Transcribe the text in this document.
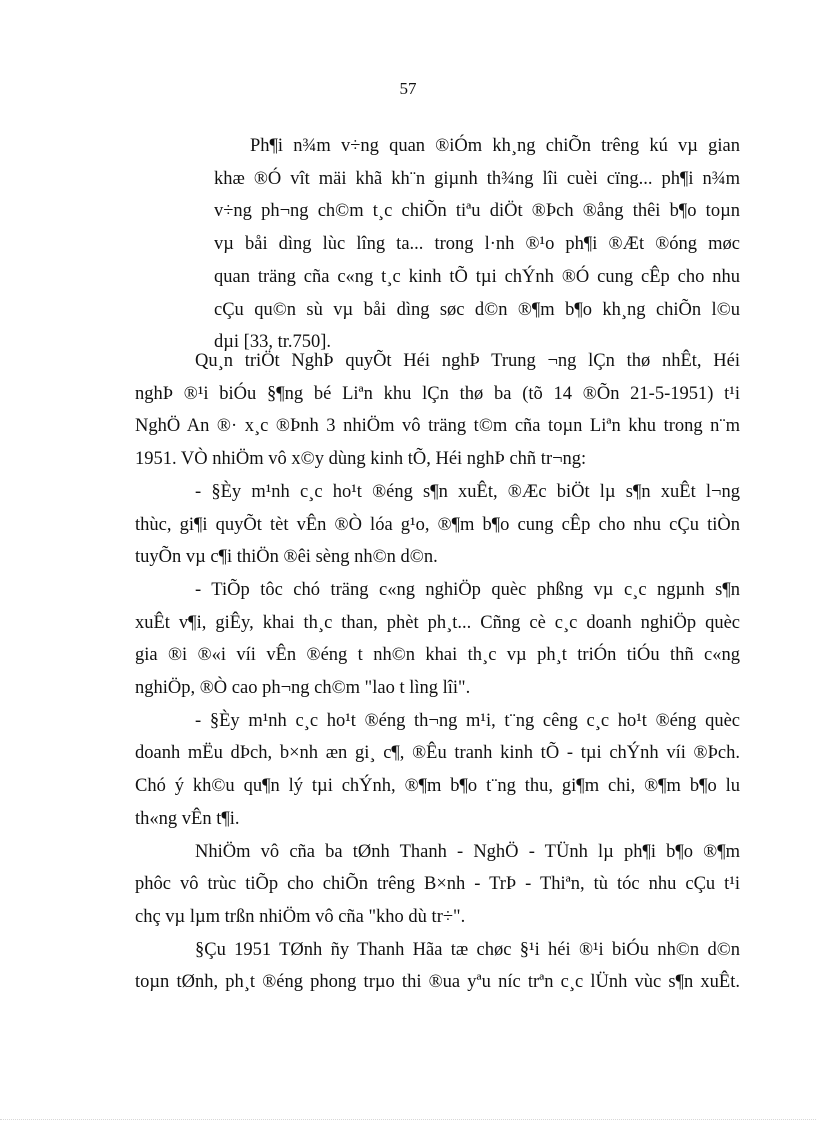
57

Ph¶i n¾m v÷ng quan ®iÓm kh¸ng chiÕn trêng kú vµ gian

khæ ®Ó vît mäi khã kh¨n giµnh th¾ng lîi cuèi cïng... ph¶i n¾m
v÷ng ph¬ng ch©m t¸c chiÕn tiªu diÖt ®Þch ®ång thêi b¶o toµn
vµ båi dìng lùc lîng ta... trong l·nh ®¹o ph¶i ®Æt ®óng møc
quan träng cña c«ng t¸c kinh tÕ tµi chÝnh ®Ó cung cÊp cho nhu
cÇu qu©n sù vµ båi dìng søc d©n ®¶m b¶o kh¸ng chiÕn l©u
dµi [33, tr.750].

Qu¸n triÖt NghÞ quyÕt Héi nghÞ Trung ¬ng lÇn thø nhÊt, Héi
nghÞ ®¹i biÓu §¶ng bé Liªn khu lÇn thø ba (tõ 14 ®Õn 21-5-1951) t¹i
NghÖ An ®· x¸c ®Þnh 3 nhiÖm vô träng t©m cña toµn Liªn khu trong n¨m
1951. VÒ nhiÖm vô x©y dùng kinh tÕ, Héi nghÞ chñ tr¬ng:

- §Èy m¹nh c¸c ho¹t ®éng s¶n xuÊt, ®Æc biÖt lµ s¶n xuÊt l¬ng
thùc, gi¶i quyÕt tèt vÊn ®Ò lóa g¹o, ®¶m b¶o cung cÊp cho nhu cÇu tiÒn
tuyÕn vµ c¶i thiÖn ®êi sèng nh©n d©n.

- TiÕp tôc chó träng c«ng nghiÖp quèc phßng vµ c¸c ngµnh s¶n
xuÊt v¶i, giÊy, khai th¸c than, phèt ph¸t... Cñng cè c¸c doanh nghiÖp quèc
gia ®i ®«i víi vÊn ®éng t nh©n khai th¸c vµ ph¸t triÓn tiÓu thñ c«ng
nghiÖp, ®Ò cao ph¬ng ch©m "lao t lìng lîi".

- §Èy m¹nh c¸c ho¹t ®éng th¬ng m¹i, t¨ng cêng c¸c ho¹t ®éng quèc
doanh mËu dÞch, b×nh æn gi¸ c¶, ®Êu tranh kinh tÕ - tµi chÝnh víi ®Þch.
Chó ý kh©u qu¶n lý tµi chÝnh, ®¶m b¶o t¨ng thu, gi¶m chi, ®¶m b¶o lu
th«ng vÊn t¶i.

NhiÖm vô cña ba tØnh Thanh - NghÖ - TÜnh lµ ph¶i b¶o ®¶m
phôc vô trùc tiÕp cho chiÕn trêng B×nh - TrÞ - Thiªn, tù tóc nhu cÇu t¹i
chç vµ lµm trßn nhiÖm vô cña "kho dù tr÷".

§Çu 1951 TØnh ñy Thanh Hãa tæ chøc §¹i héi ®¹i biÓu nh©n d©n
toµn tØnh, ph¸t ®éng phong trµo thi ®ua yªu níc trªn c¸c lÜnh vùc s¶n xuÊt.
